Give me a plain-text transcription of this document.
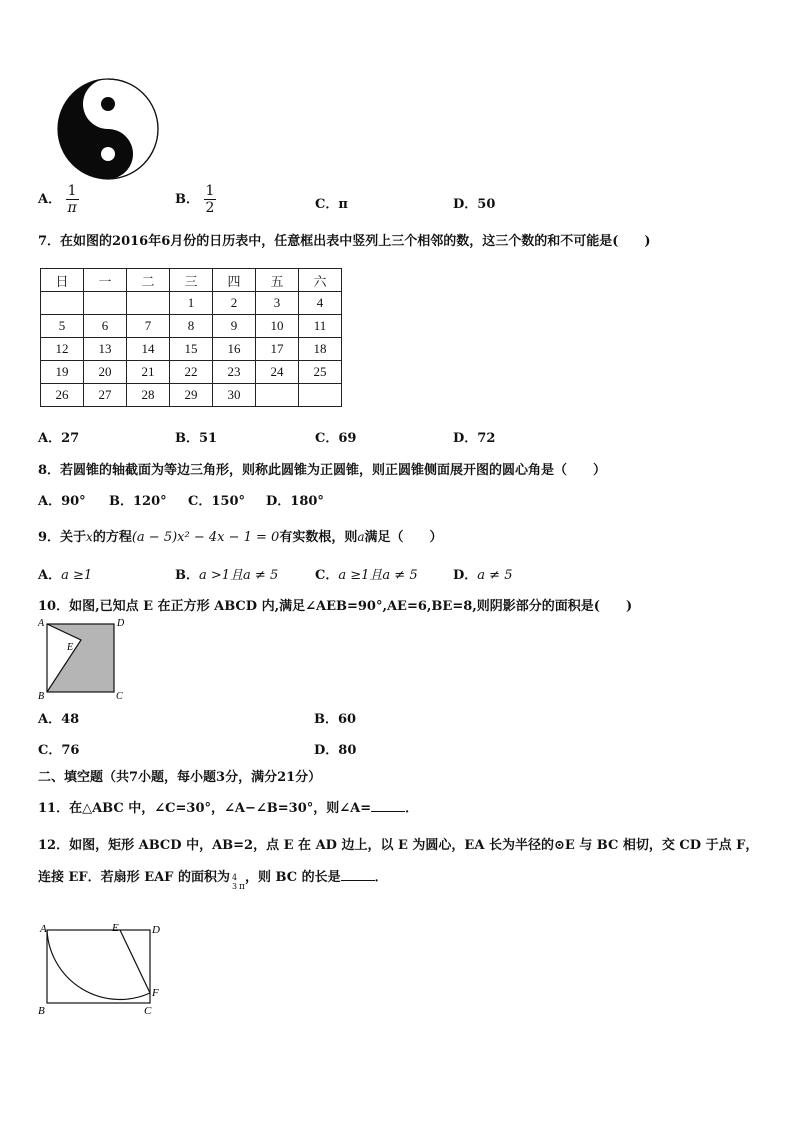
A． $\frac{1}{\pi}$	B． $\frac{1}{2}$	C．π	D．50
7．在如图的2016年6月份的日历表中，任意框出表中竖列上三个相邻的数，这三个数的和不可能是(　　)
日	一	二	三	四	五	六
			1	2	3	4
5	6	7	8	9	10	11
12	13	14	15	16	17	18
19	20	21	22	23	24	25
26	27	28	29	30		
A．27	B．51	C．69	D．72
8．若圆锥的轴截面为等边三角形，则称此圆锥为正圆锥，则正圆锥侧面展开图的圆心角是（　　）
A．90° B．120° C．150° D．180°
9．关于x的方程(a − 5)x² − 4x − 1 = 0有实数根，则a满足（　　）
A．a ≥1	B．a >1且a ≠ 5	C．a ≥1且a ≠ 5	D．a ≠ 5
10．如图,已知点 E 在正方形 ABCD 内,满足∠AEB=90°,AE=6,BE=8,则阴影部分的面积是(　　)
A	D
E
B	C
A．48	B．60
C．76	D．80
二、填空题（共7小题，每小题3分，满分21分）
11．在△ABC 中，∠C=30°，∠A−∠B=30°，则∠A=	．
12．如图，矩形 ABCD 中，AB=2，点 E 在 AD 边上，以 E 为圆心，EA 长为半径的⊙E 与 BC 相切，交 CD 于点 F，
连接 EF．若扇形 EAF 的面积为 4
3 $_\pi$，则 BC 的长是	．
A	E	D
F
B	C
